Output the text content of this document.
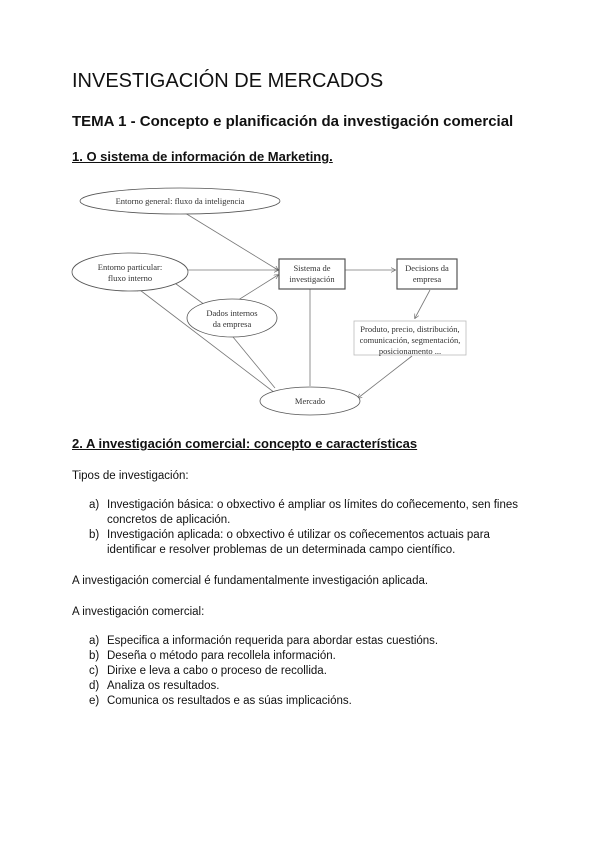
INVESTIGACIÓN DE MERCADOS
TEMA 1 - Concepto e planificación da investigación comercial
1. O sistema de información de Marketing.
Entorno general: fluxo da inteligencia
Entorno particular:
fluxo interno
Sistema de
investigación
Decisions da
empresa
Dados internos
da empresa	Produto, precio, distribución,
comunicación, segmentación,
posicionamento ...
Mercado
2. A investigación comercial: concepto e características
Tipos de investigación:
a) Investigación básica: o obxectivo é ampliar os límites do coñecemento, sen fines
concretos de aplicación.
b) Investigación aplicada: o obxectivo é utilizar os coñecementos actuais para
identificar e resolver problemas de un determinada campo científico.
A investigación comercial é fundamentalmente investigación aplicada.
A investigación comercial:
a) Especifica a información requerida para abordar estas cuestións.
b) Deseña o método para recollela información.
c) Dirixe e leva a cabo o proceso de recollida.
d) Analiza os resultados.
e) Comunica os resultados e as súas implicacións.
